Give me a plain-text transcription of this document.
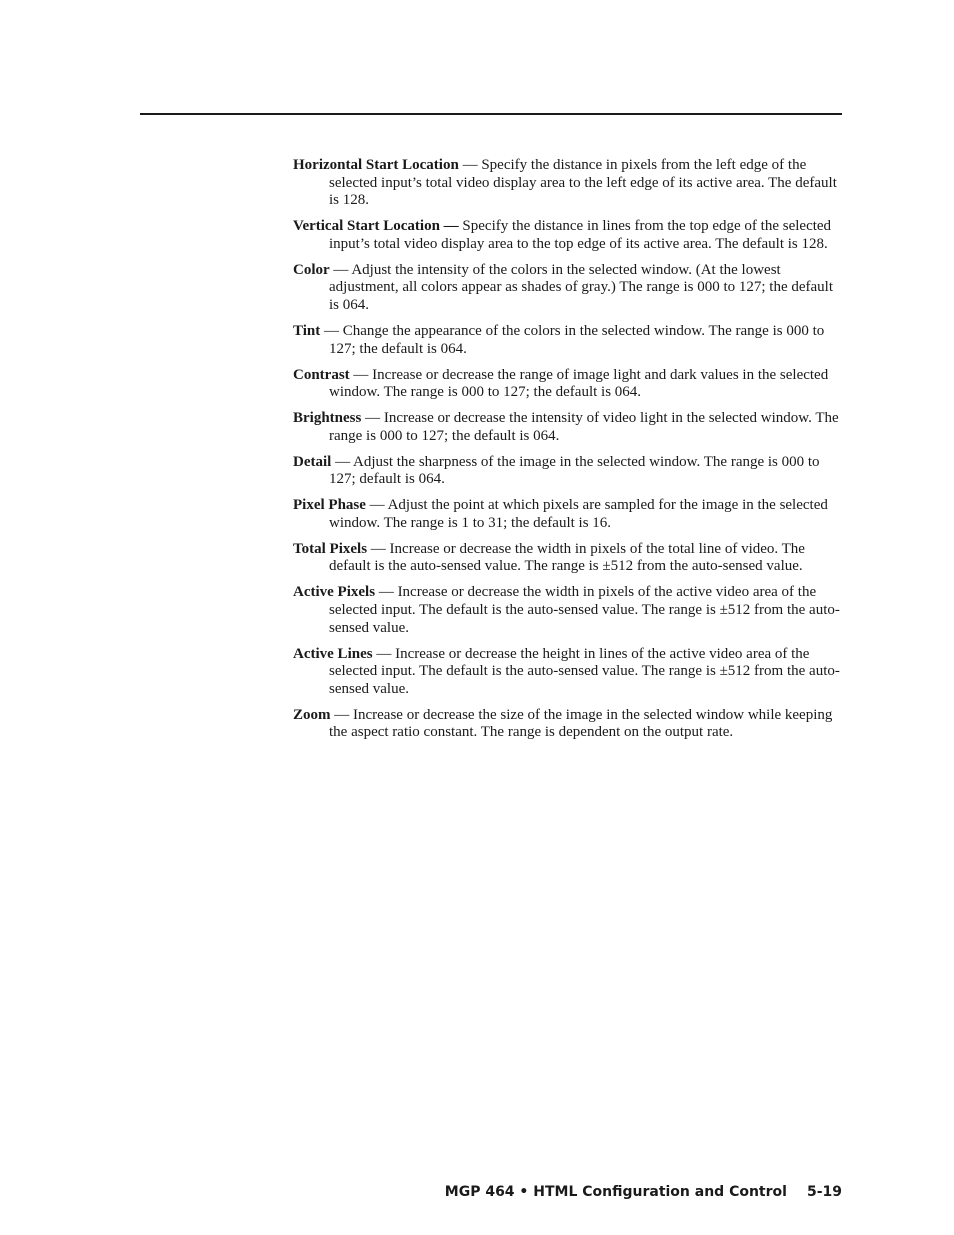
Horizontal Start Location — Specify the distance in pixels from the left edge of the selected input’s total video display area to the left edge of its active area. The default is 128.

Vertical Start Location — Specify the distance in lines from the top edge of the selected input’s total video display area to the top edge of its active area. The default is 128.

Color — Adjust the intensity of the colors in the selected window. (At the lowest adjustment, all colors appear as shades of gray.) The range is 000 to 127; the default is 064.

Tint — Change the appearance of the colors in the selected window. The range is 000 to 127; the default is 064.

Contrast — Increase or decrease the range of image light and dark values in the selected window. The range is 000 to 127; the default is 064.

Brightness — Increase or decrease the intensity of video light in the selected window. The range is 000 to 127; the default is 064.

Detail — Adjust the sharpness of the image in the selected window. The range is 000 to 127; default is 064.

Pixel Phase — Adjust the point at which pixels are sampled for the image in the selected window. The range is 1 to 31; the default is 16.

Total Pixels — Increase or decrease the width in pixels of the total line of video. The default is the auto-sensed value. The range is ±512 from the auto-sensed value.

Active Pixels — Increase or decrease the width in pixels of the active video area of the selected input. The default is the auto-sensed value. The range is ±512 from the auto-sensed value.

Active Lines — Increase or decrease the height in lines of the active video area of the selected input. The default is the auto-sensed value. The range is ±512 from the auto-sensed value.

Zoom — Increase or decrease the size of the image in the selected window while keeping the aspect ratio constant. The range is dependent on the output rate.

MGP 464 • HTML Configuration and Control 5-19
